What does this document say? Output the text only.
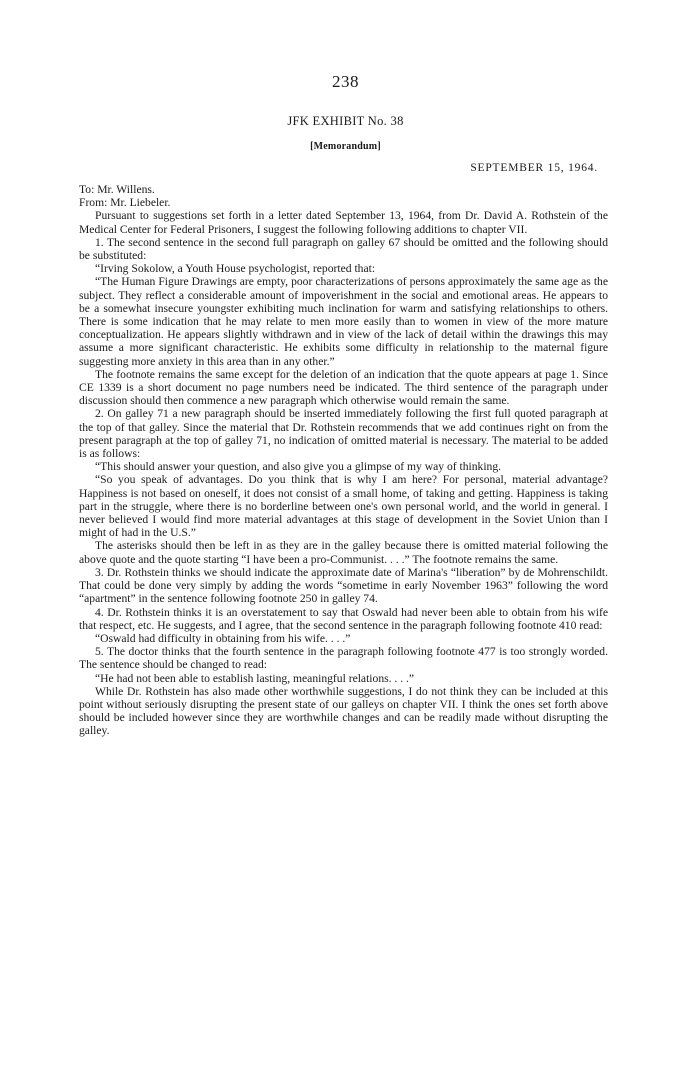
238
JFK EXHIBIT No. 38
[Memorandum]
SEPTEMBER 15, 1964.

To: Mr. Willens.

From: Mr. Liebeler.

Pursuant to suggestions set forth in a letter dated September 13, 1964, from Dr. David A. Rothstein of the Medical Center for Federal Prisoners, I suggest the following following additions to chapter VII.

1. The second sentence in the second full paragraph on galley 67 should be omitted and the following should be substituted:

“Irving Sokolow, a Youth House psychologist, reported that:

“The Human Figure Drawings are empty, poor characterizations of persons approximately the same age as the subject. They reflect a considerable amount of impoverishment in the social and emotional areas. He appears to be a somewhat insecure youngster exhibiting much inclination for warm and satisfying relationships to others. There is some indication that he may relate to men more easily than to women in view of the more mature conceptualization. He appears slightly withdrawn and in view of the lack of detail within the drawings this may assume a more significant characteristic. He exhibits some difficulty in relationship to the maternal figure suggesting more anxiety in this area than in any other.”

The footnote remains the same except for the deletion of an indication that the quote appears at page 1. Since CE 1339 is a short document no page numbers need be indicated. The third sentence of the paragraph under discussion should then commence a new paragraph which otherwise would remain the same.

2. On galley 71 a new paragraph should be inserted immediately following the first full quoted paragraph at the top of that galley. Since the material that Dr. Rothstein recommends that we add continues right on from the present paragraph at the top of galley 71, no indication of omitted material is necessary. The material to be added is as follows:

“This should answer your question, and also give you a glimpse of my way of thinking.

“So you speak of advantages. Do you think that is why I am here? For personal, material advantage? Happiness is not based on oneself, it does not consist of a small home, of taking and getting. Happiness is taking part in the struggle, where there is no borderline between one's own personal world, and the world in general. I never believed I would find more material advantages at this stage of development in the Soviet Union than I might of had in the U.S.”

The asterisks should then be left in as they are in the galley because there is omitted material following the above quote and the quote starting “I have been a pro-Communist. . . .” The footnote remains the same.

3. Dr. Rothstein thinks we should indicate the approximate date of Marina's “liberation” by de Mohrenschildt. That could be done very simply by adding the words “sometime in early November 1963” following the word “apartment” in the sentence following footnote 250 in galley 74.

4. Dr. Rothstein thinks it is an overstatement to say that Oswald had never been able to obtain from his wife that respect, etc. He suggests, and I agree, that the second sentence in the paragraph following footnote 410 read:

“Oswald had difficulty in obtaining from his wife. . . .”

5. The doctor thinks that the fourth sentence in the paragraph following footnote 477 is too strongly worded. The sentence should be changed to read:

“He had not been able to establish lasting, meaningful relations. . . .”

While Dr. Rothstein has also made other worthwhile suggestions, I do not think they can be included at this point without seriously disrupting the present state of our galleys on chapter VII. I think the ones set forth above should be included however since they are worthwhile changes and can be readily made without disrupting the galley.
